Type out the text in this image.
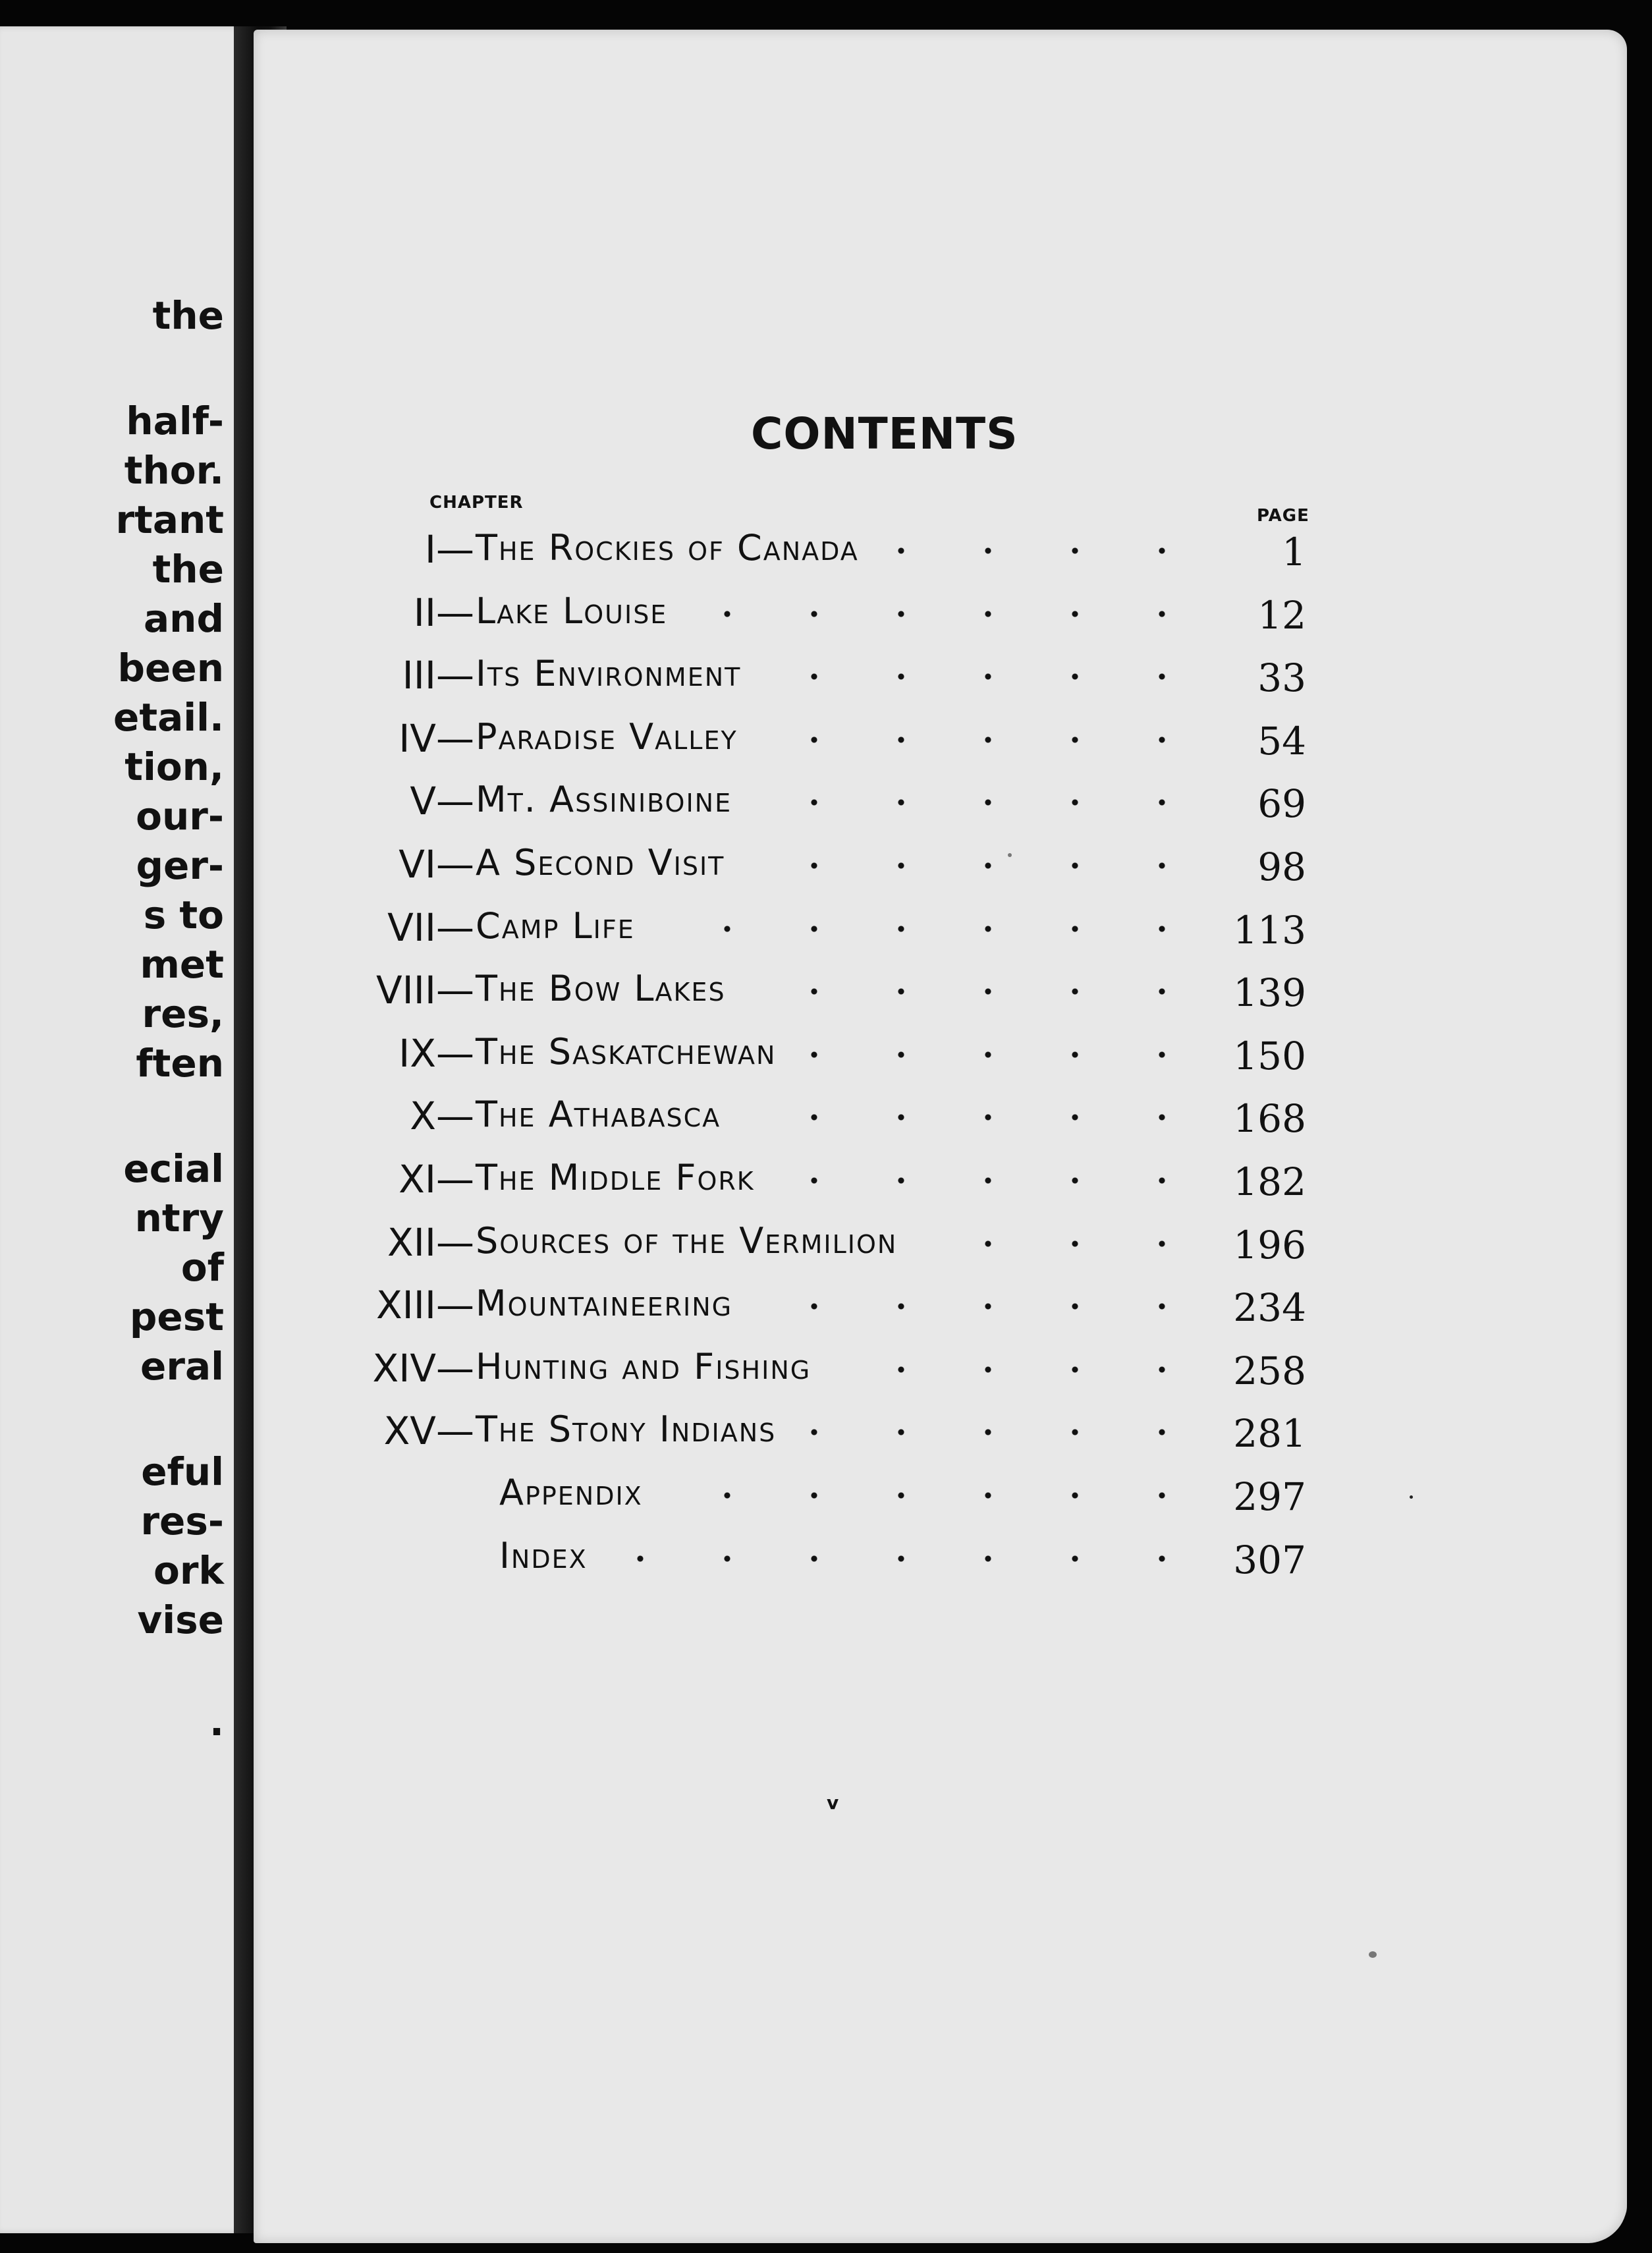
the
half-
thor.
rtant
the
and
been
etail.
tion,
our-
ger-
s to
met
res,
ften
ecial
ntry
of
pest
eral
eful
res-
ork
vise
.
CONTENTS
CHAPTER
PAGE
I— The Rockies of Canada	1
II— Lake Louise	12
III— Its Environment	33
IV— Paradise Valley	54
V— Mt. Assiniboine	69
VI— A Second Visit	98
VII— Camp Life	113
VIII— The Bow Lakes	139
IX— The Saskatchewan	150
X— The Athabasca	168
XI— The Middle Fork	182
XII— Sources of the Vermilion	196
XIII— Mountaineering	234
XIV— Hunting and Fishing	258
XV— The Stony Indians	281
Appendix	297
Index	307
v
